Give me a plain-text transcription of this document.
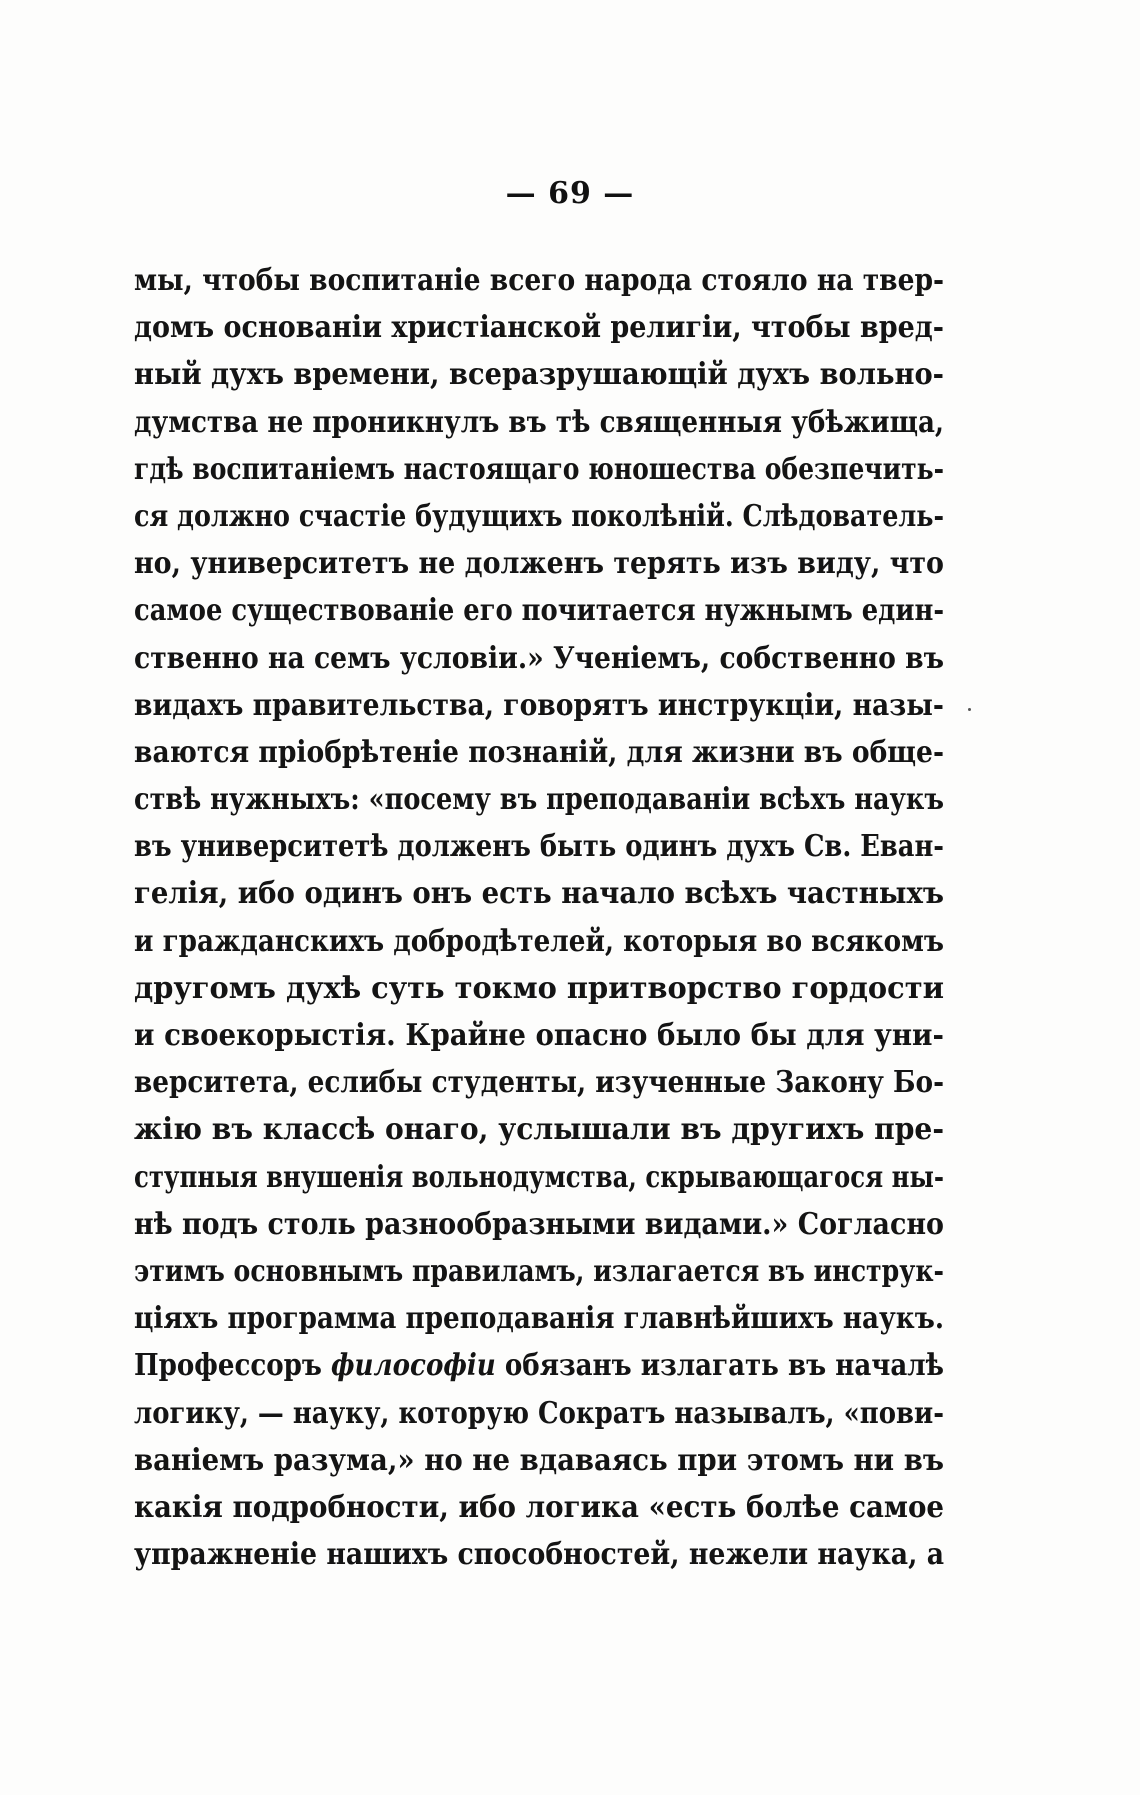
— 69 —
мы, чтобы воспитанiе всего народа стояло на твер-
домъ основанiи христiанской религiи, чтобы вред-
ный духъ времени, всеразрушающiй духъ вольно-
думства не проникнулъ въ тѣ священныя убѣжища,
гдѣ воспитанiемъ настоящаго юношества обезпечить-
ся должно счастiе будущихъ поколѣнiй. Слѣдователь-
но, университетъ не долженъ терять изъ виду, что
самое существованiе его почитается нужнымъ един-
ственно на семъ условiи.» Ученiемъ, собственно въ
видахъ правительства, говорятъ инструкцiи, назы-
ваются прiобрѣтенiе познанiй, для жизни въ обще-
ствѣ нужныхъ: «посему въ преподаванiи всѣхъ наукъ
въ университетѣ долженъ быть одинъ духъ Св. Еван-
гелiя, ибо одинъ онъ есть начало всѣхъ частныхъ
и гражданскихъ добродѣтелей, которыя во всякомъ
другомъ духѣ суть токмо притворство гордости
и своекорыстiя. Крайне опасно было бы для уни-
верситета, еслибы студенты, изученные Закону Бо-
жiю въ классѣ онаго, услышали въ другихъ пре-
ступныя внушенiя вольнодумства, скрывающагося ны-
нѣ подъ столь разнообразными видами.» Согласно
этимъ основнымъ правиламъ, излагается въ инструк-
цiяхъ программа преподаванiя главнѣйшихъ наукъ.
Профессоръ философiи обязанъ излагать въ началѣ
логику, — науку, которую Сократъ называлъ, «пови-
ванiемъ разума,» но не вдаваясь при этомъ ни въ
какiя подробности, ибо логика «есть болѣе самое
упражненiе нашихъ способностей, нежели наука, а
